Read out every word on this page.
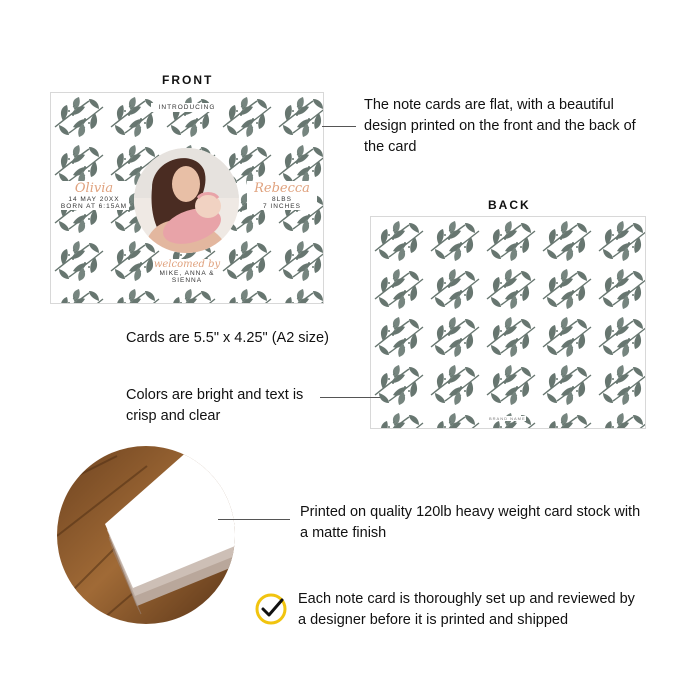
FRONT
INTRODUCING
Olivia
14 MAY 20XX
BORN AT 6:15AM
Rebecca
8LBS
7 INCHES
welcomed by
MIKE, ANNA &
SIENNA
The note cards are flat, with a beautiful design printed on the front and the back of the card
BACK
BRAND NAME
Cards are 5.5" x 4.25" (A2 size)
Colors are bright and text is crisp and clear
Printed on quality 120lb heavy weight card stock with a matte finish
Each note card is thoroughly set up and reviewed by a designer before it is printed and shipped
